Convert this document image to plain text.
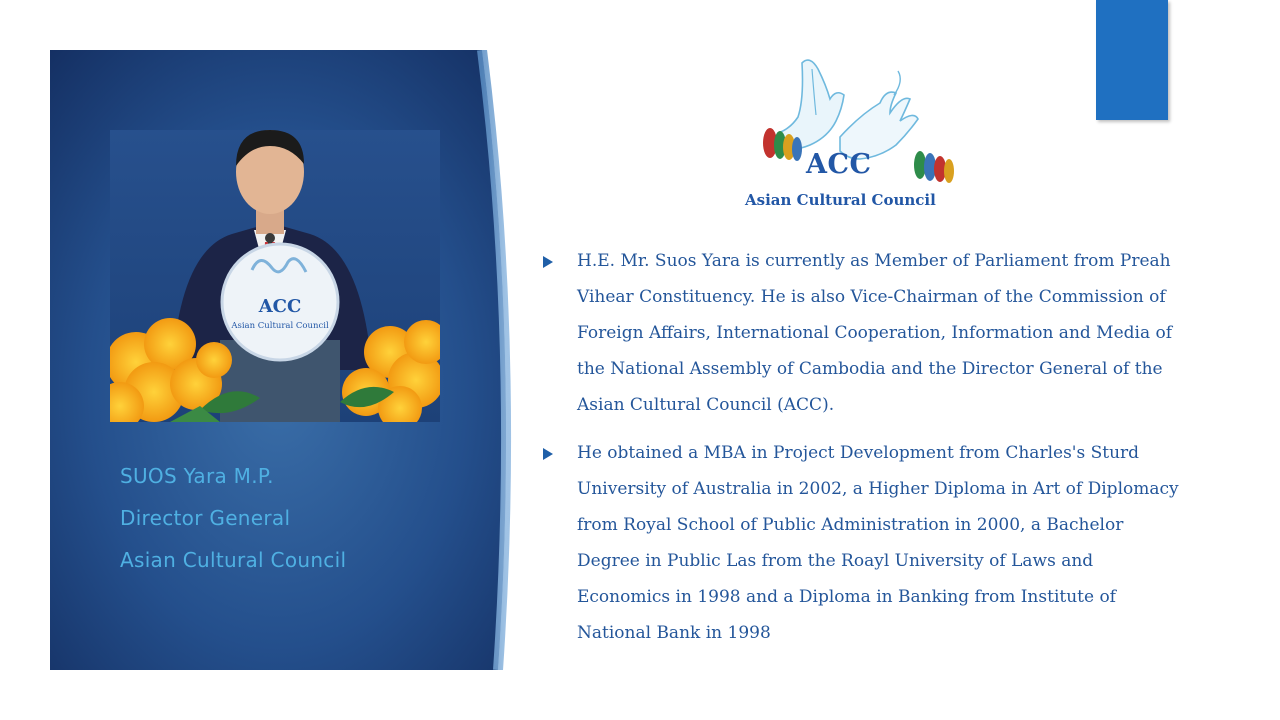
ACC
Asian Cultural Council
SUOS Yara M.P.
Director General
Asian Cultural Council
ACC
Asian Cultural Council
H.E. Mr. Suos Yara is currently as Member of Parliament from Preah Vihear Constituency. He is also Vice-Chairman of the Commission of Foreign Affairs, International Cooperation, Information and Media of the National Assembly of Cambodia and the Director General of the Asian Cultural Council (ACC).
He obtained a MBA in Project Development from Charles's Sturd University of Australia in 2002, a Higher Diploma in Art of Diplomacy from Royal School of Public Administration in 2000, a Bachelor Degree in Public Las from the Roayl University of Laws and Economics in 1998 and a Diploma in Banking from Institute of National Bank in 1998
